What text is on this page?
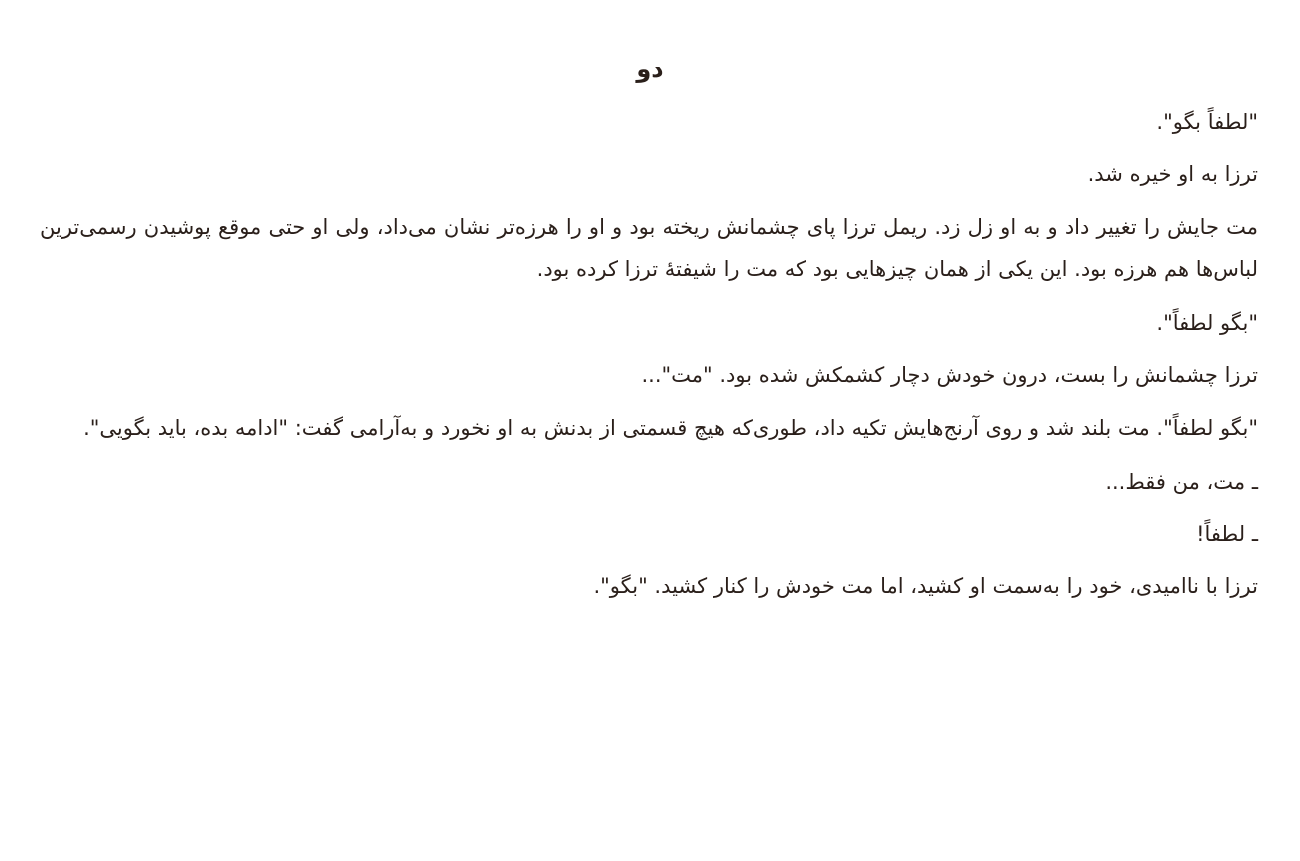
دو

"لطفاً بگو".

ترزا به او خیره شد.

مت جایش را تغییر داد و به او زل زد. ریمل ترزا پای چشمانش ریخته بود و او را هرزه‌تر نشان می‌داد، ولی او حتی موقع پوشیدن رسمی‌ترین لباس‌ها هم هرزه بود. این یکی از همان چیزهایی بود که مت را شیفتهٔ ترزا کرده بود.

"بگو لطفاً".

ترزا چشمانش را بست، درون خودش دچار کشمکش شده بود. "مت"...

"بگو لطفاً". مت بلند شد و روی آرنج‌هایش تکیه داد، طوری‌که هیچ قسمتی از بدنش به او نخورد و به‌آرامی گفت: "ادامه بده، باید بگویی".

ـ مت، من فقط...

ـ لطفاً!

ترزا با ناامیدی، خود را به‌سمت او کشید، اما مت خودش را کنار کشید. "بگو".
